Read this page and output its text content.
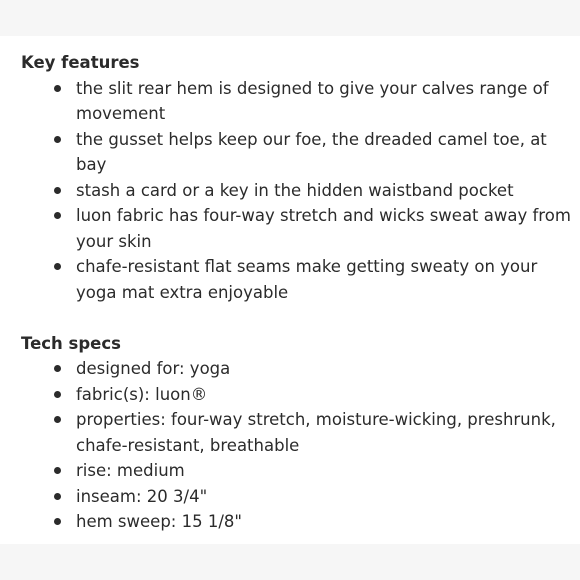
Key features
the slit rear hem is designed to give your calves range of movement
the gusset helps keep our foe, the dreaded camel toe, at bay
stash a card or a key in the hidden waistband pocket
luon fabric has four-way stretch and wicks sweat away from your skin
chafe-resistant flat seams make getting sweaty on your yoga mat extra enjoyable
Tech specs
designed for: yoga
fabric(s): luon®
properties: four-way stretch, moisture-wicking, preshrunk, chafe-resistant, breathable
rise: medium
inseam: 20 3/4"
hem sweep: 15 1/8"
